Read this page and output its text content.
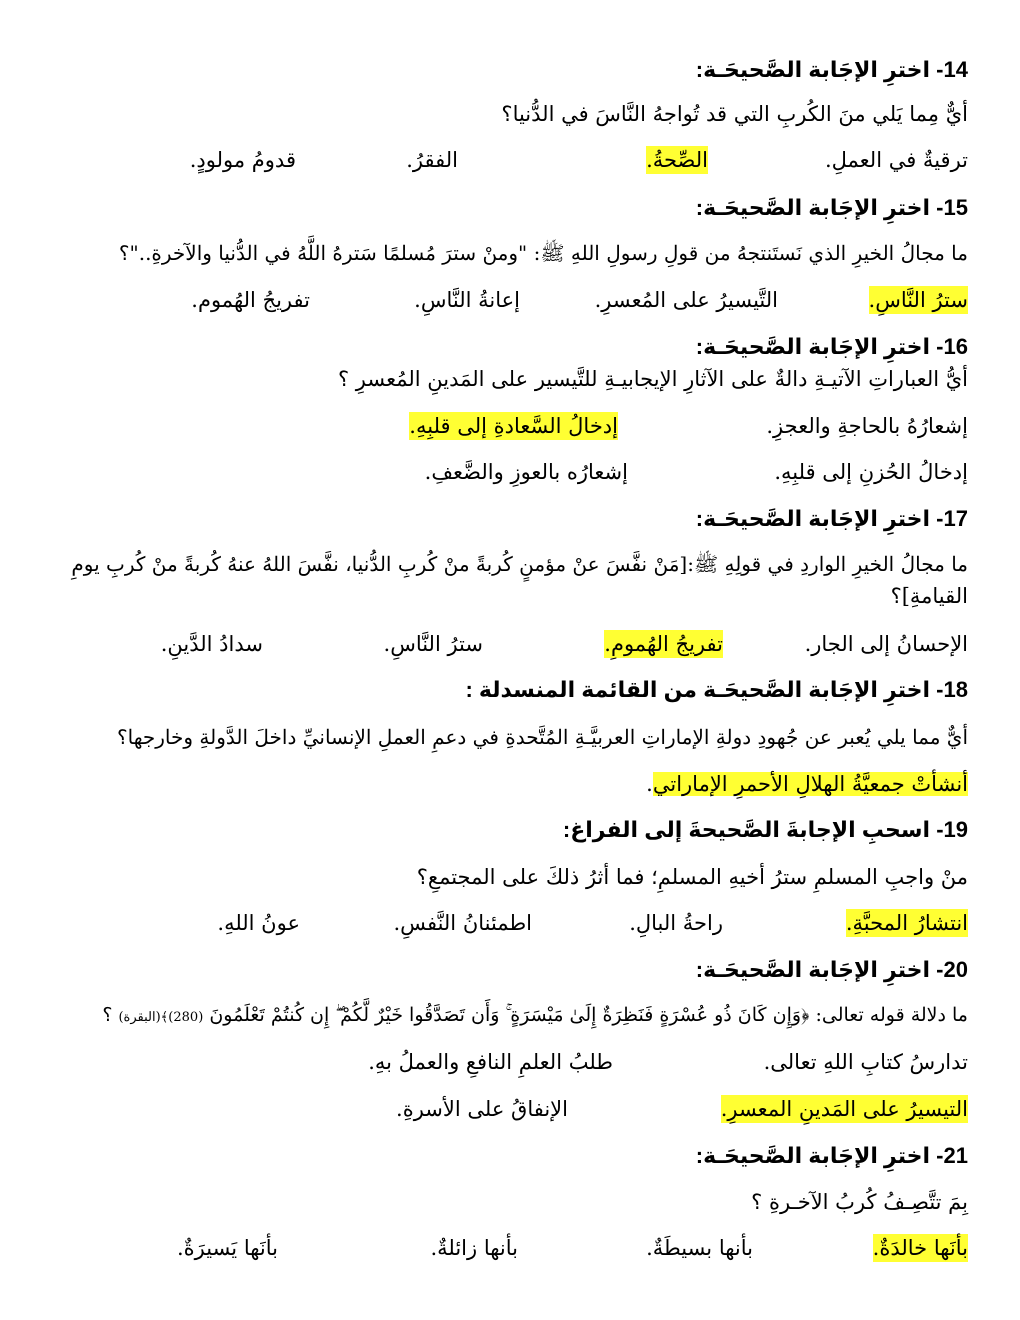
14- اخترِ الإجَابة الصَّحيحَـة:
أيٌّ مِما يَلي منَ الكُربِ التي قد تُواجهُ النَّاسَ في الدُّنيا؟
ترقيةٌ في العملِ.
الصِّحةُ.
الفقرُ.
قدومُ مولودٍ.
15- اخترِ الإجَابة الصَّحيحَـة:
ما مجالُ الخيرِ الذي نَستَنتجهُ من قولِ رسولِ اللهِ ﷺ: "ومنْ سترَ مُسلمًا سَترهُ اللَّهُ في الدُّنيا والآخرةِ.."؟
سترُ النَّاسِ.
التَّيسيرُ على المُعسرِ.
إعانةُ النَّاسِ.
تفريجُ الهُموم.
16- اخترِ الإجَابة الصَّحيحَـة:
أيُّ العباراتِ الآتيـةِ دالةٌ على الآثارِ الإيجابيـةِ للتَّيسير على المَدينِ المُعسرِ ؟
إشعارُهُ بالحاجةِ والعجزِ.
إدخالُ السَّعادةِ إلى قلبِهِ.
إدخالُ الحُزنِ إلى قلبِهِ.
إشعارُه بالعوزِ والضَّعفِ.
17- اخترِ الإجَابة الصَّحيحَـة:
ما مجالُ الخيرِ الواردِ في قولِهِ ﷺ:[مَنْ نفَّسَ عنْ مؤمنٍ كُربةً منْ كُربِ الدُّنيا، نفَّسَ اللهُ عنهُ كُربةً منْ كُربِ يومِ
القيامةِ]؟
الإحسانُ إلى الجار.
تفريجُ الهُمومِ.
سترُ النَّاسِ.
سدادُ الدَّينِ.
18- اخترِ الإجَابة الصَّحيحَـة من القائمة المنسدلة :
أيٌّ مما يلي يُعبر عن جُهودِ دولةِ الإماراتِ العربيَّـةِ المُتَّحدةِ في دعمِ العملِ الإنسانيِّ داخلَ الدَّولةِ وخارجها؟
أنشأتْ جمعيَّةُ الهلالِ الأحمرِ الإماراتي.
19- اسحبِ الإجابةَ الصَّحيحةَ إلى الفراغ:
منْ واجبِ المسلمِ سترُ أخيهِ المسلمِ؛ فما أثرُ ذلكَ على المجتمعِ؟
انتشارُ المحبَّةِ.
راحةُ البالِ.
اطمئنانُ النَّفسِ.
عونُ اللهِ.
20- اخترِ الإجَابة الصَّحيحَـة:
ما دلالة قوله تعالى: ﴿وَإِن كَانَ ذُو عُسْرَةٍ فَنَظِرَةٌ إِلَىٰ مَيْسَرَةٍ ۚ وَأَن تَصَدَّقُوا خَيْرٌ لَّكُمْ ۖ إِن كُنتُمْ تَعْلَمُونَ (280)﴾(البقرة) ؟
تدارسُ كتابِ اللهِ تعالى.
طلبُ العلمِ النافعِ والعملُ بهِ.
التيسيرُ على المَدينِ المعسرِ.
الإنفاقُ على الأسرةِ.
21- اخترِ الإجَابة الصَّحيحَـة:
بِمَ تتَّصِـفُ كُربُ الآخـرةِ ؟
بأنَها خالدَةٌ.
بأنها بسيطَةٌ.
بأنها زائلةٌ.
بأنَها يَسيرَةٌ.
